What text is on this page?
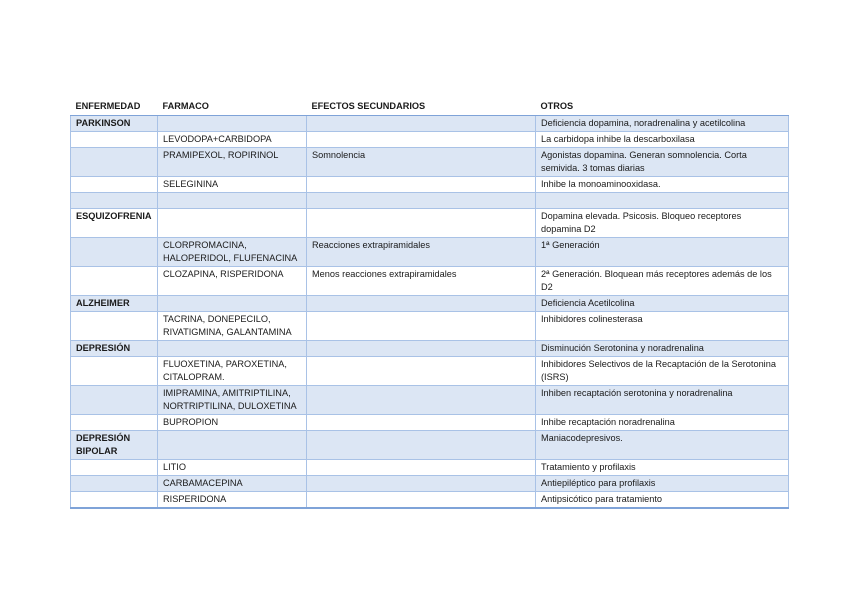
ENFERMEDAD	FARMACO	EFECTOS SECUNDARIOS	OTROS
PARKINSON			Deficiencia dopamina, noradrenalina y acetilcolina
	LEVODOPA+CARBIDOPA		La carbidopa inhibe la descarboxilasa
	PRAMIPEXOL, ROPIRINOL	Somnolencia	Agonistas dopamina. Generan somnolencia. Corta semivida. 3 tomas diarias
	SELEGININA		Inhibe la monoaminooxidasa.

ESQUIZOFRENIA			Dopamina elevada. Psicosis. Bloqueo receptores dopamina D2
	CLORPROMACINA, HALOPERIDOL, FLUFENACINA	Reacciones extrapiramidales	1ª Generación
	CLOZAPINA, RISPERIDONA	Menos reacciones extrapiramidales	2ª Generación. Bloquean más receptores además de los D2
ALZHEIMER			Deficiencia Acetilcolina
	TACRINA, DONEPECILO, RIVATIGMINA, GALANTAMINA		Inhibidores colinesterasa
DEPRESIÓN			Disminución Serotonina y noradrenalina
	FLUOXETINA, PAROXETINA, CITALOPRAM.		Inhibidores Selectivos de la Recaptación de la Serotonina (ISRS)
	IMIPRAMINA, AMITRIPTILINA, NORTRIPTILINA, DULOXETINA		Inhiben recaptación serotonina y noradrenalina
	BUPROPION		Inhibe recaptación noradrenalina
DEPRESIÓN BIPOLAR			Maniacodepresivos.
	LITIO		Tratamiento y profilaxis
	CARBAMACEPINA		Antiepiléptico para profilaxis
	RISPERIDONA		Antipsicótico para tratamiento
